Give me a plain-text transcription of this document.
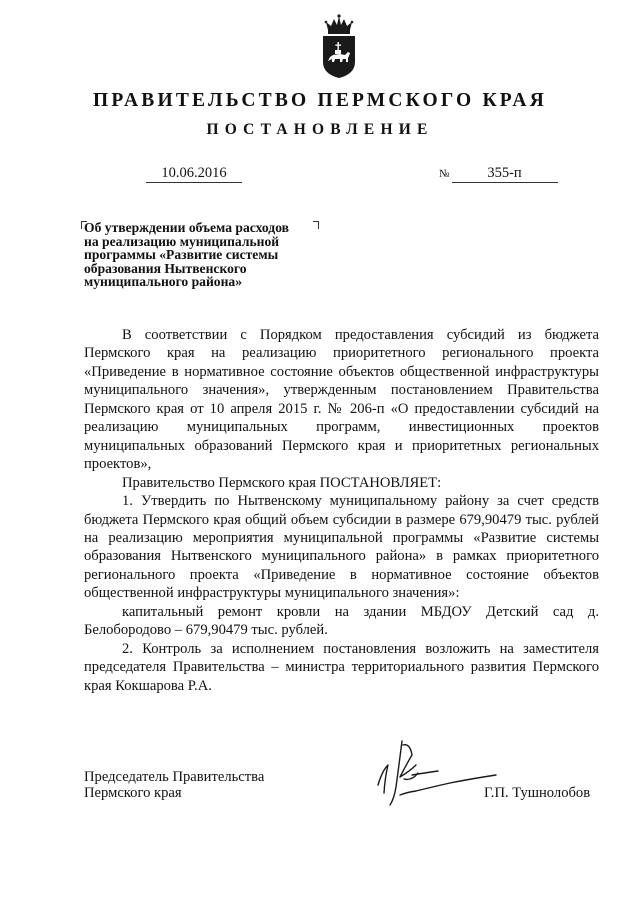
ПРАВИТЕЛЬСТВО ПЕРМСКОГО КРАЯ
ПОСТАНОВЛЕНИЕ
10.06.2016	№	355-п
Об утверждении объема расходов
на реализацию муниципальной
программы «Развитие системы
образования Нытвенского
муниципального района»

В соответствии с Порядком предоставления субсидий из бюджета Пермского края на реализацию приоритетного регионального проекта «Приведение в нормативное состояние объектов общественной инфраструктуры муниципального значения», утвержденным постановлением Правительства Пермского края от 10 апреля 2015 г. № 206-п «О предоставлении субсидий на реализацию муниципальных программ, инвестиционных проектов муниципальных образований Пермского края и приоритетных региональных проектов»,

Правительство Пермского края ПОСТАНОВЛЯЕТ:

1. Утвердить по Нытвенскому муниципальному району за счет средств бюджета Пермского края общий объем субсидии в размере 679,90479 тыс. рублей на реализацию мероприятия муниципальной программы «Развитие системы образования Нытвенского муниципального района» в рамках приоритетного регионального проекта «Приведение в нормативное состояние объектов общественной инфраструктуры муниципального значения»:

капитальный ремонт кровли на здании МБДОУ Детский сад д. Белобородово – 679,90479 тыс. рублей.

2. Контроль за исполнением постановления возложить на заместителя председателя Правительства – министра территориального развития Пермского края Кокшарова Р.А.

Председатель Правительства
Пермского края	Г.П. Тушнолобов
